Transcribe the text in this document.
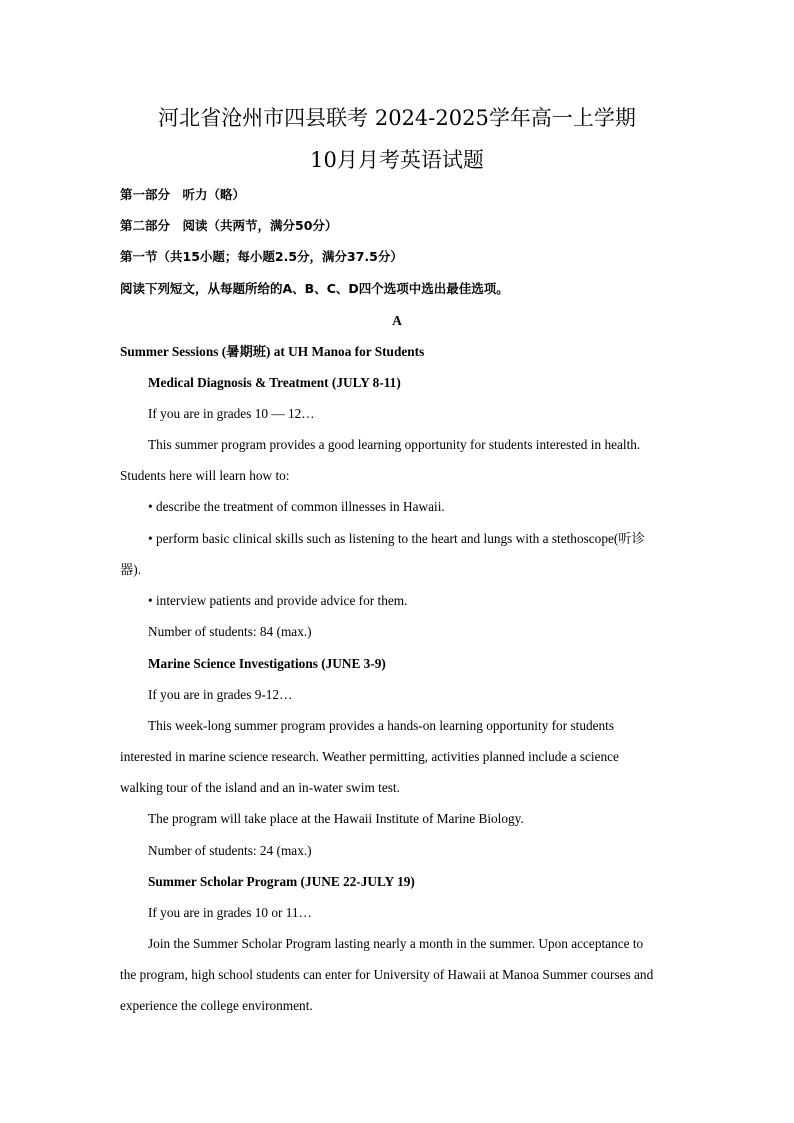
河北省沧州市四县联考 2024-2025学年高一上学期
10月月考英语试题
第一部分　听力（略）
第二部分　阅读（共两节，满分50分）
第一节（共15小题；每小题2.5分，满分37.5分）
阅读下列短文，从每题所给的A、B、C、D四个选项中选出最佳选项。
A
Summer Sessions (暑期班) at UH Manoa for Students
Medical Diagnosis & Treatment (JULY 8-11)
If you are in grades 10 — 12…
This summer program provides a good learning opportunity for students interested in health.
Students here will learn how to:
• describe the treatment of common illnesses in Hawaii.
• perform basic clinical skills such as listening to the heart and lungs with a stethoscope(听诊
器).
• interview patients and provide advice for them.
Number of students: 84 (max.)
Marine Science Investigations (JUNE 3-9)
If you are in grades 9-12…
This week-long summer program provides a hands-on learning opportunity for students
interested in marine science research. Weather permitting, activities planned include a science
walking tour of the island and an in-water swim test.
The program will take place at the Hawaii Institute of Marine Biology.
Number of students: 24 (max.)
Summer Scholar Program (JUNE 22-JULY 19)
If you are in grades 10 or 11…
Join the Summer Scholar Program lasting nearly a month in the summer. Upon acceptance to
the program, high school students can enter for University of Hawaii at Manoa Summer courses and
experience the college environment.
